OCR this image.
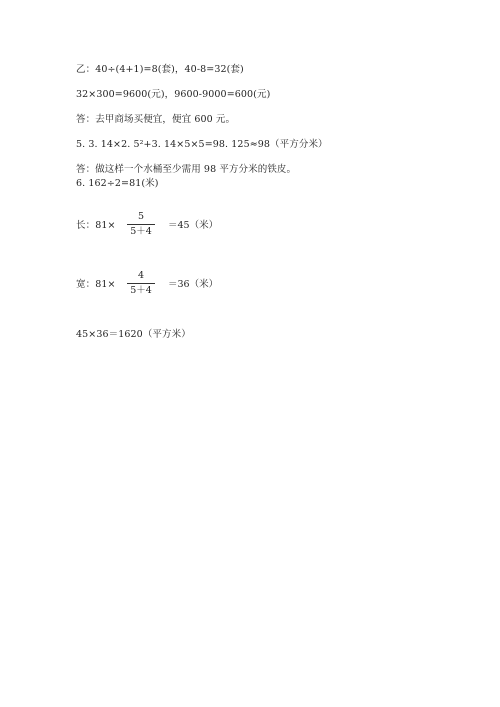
乙：40÷(4+1)=8(套)，40-8=32(套)
32×300=9600(元)，9600-9000=600(元)
答：去甲商场买便宜，便宜 600 元。
5. 3. 14×2. 5²+3. 14×5×5=98. 125≈98（平方分米）
答：做这样一个水桶至少需用 98 平方分米的铁皮。
6. 162÷2=81(米)
长：81×
5
5＋4
＝45（米）
宽：81×
4
5＋4
＝36（米）
45×36＝1620（平方米）
